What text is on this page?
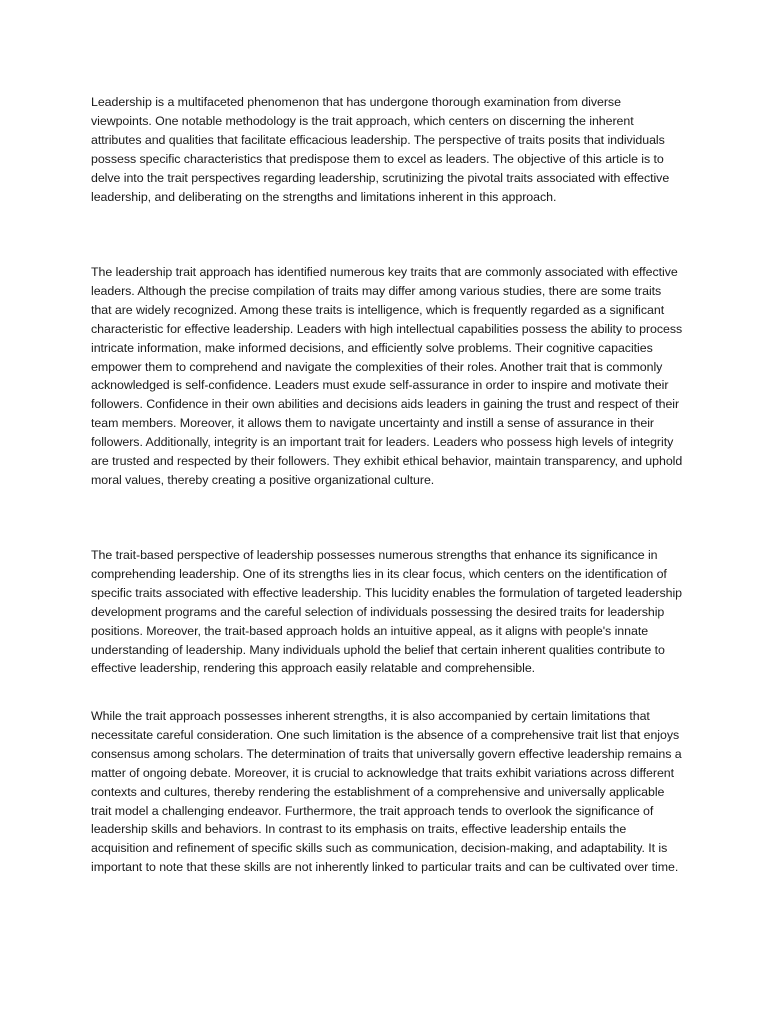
Leadership is a multifaceted phenomenon that has undergone thorough examination from diverse viewpoints. One notable methodology is the trait approach, which centers on discerning the inherent attributes and qualities that facilitate efficacious leadership. The perspective of traits posits that individuals possess specific characteristics that predispose them to excel as leaders. The objective of this article is to delve into the trait perspectives regarding leadership, scrutinizing the pivotal traits associated with effective leadership, and deliberating on the strengths and limitations inherent in this approach.

The leadership trait approach has identified numerous key traits that are commonly associated with effective leaders. Although the precise compilation of traits may differ among various studies, there are some traits that are widely recognized. Among these traits is intelligence, which is frequently regarded as a significant characteristic for effective leadership. Leaders with high intellectual capabilities possess the ability to process intricate information, make informed decisions, and efficiently solve problems. Their cognitive capacities empower them to comprehend and navigate the complexities of their roles. Another trait that is commonly acknowledged is self-confidence. Leaders must exude self-assurance in order to inspire and motivate their followers. Confidence in their own abilities and decisions aids leaders in gaining the trust and respect of their team members. Moreover, it allows them to navigate uncertainty and instill a sense of assurance in their followers. Additionally, integrity is an important trait for leaders. Leaders who possess high levels of integrity are trusted and respected by their followers. They exhibit ethical behavior, maintain transparency, and uphold moral values, thereby creating a positive organizational culture.

The trait-based perspective of leadership possesses numerous strengths that enhance its significance in comprehending leadership. One of its strengths lies in its clear focus, which centers on the identification of specific traits associated with effective leadership. This lucidity enables the formulation of targeted leadership development programs and the careful selection of individuals possessing the desired traits for leadership positions. Moreover, the trait-based approach holds an intuitive appeal, as it aligns with people's innate understanding of leadership. Many individuals uphold the belief that certain inherent qualities contribute to effective leadership, rendering this approach easily relatable and comprehensible.

While the trait approach possesses inherent strengths, it is also accompanied by certain limitations that necessitate careful consideration. One such limitation is the absence of a comprehensive trait list that enjoys consensus among scholars. The determination of traits that universally govern effective leadership remains a matter of ongoing debate. Moreover, it is crucial to acknowledge that traits exhibit variations across different contexts and cultures, thereby rendering the establishment of a comprehensive and universally applicable trait model a challenging endeavor. Furthermore, the trait approach tends to overlook the significance of leadership skills and behaviors. In contrast to its emphasis on traits, effective leadership entails the acquisition and refinement of specific skills such as communication, decision-making, and adaptability. It is important to note that these skills are not inherently linked to particular traits and can be cultivated over time.
